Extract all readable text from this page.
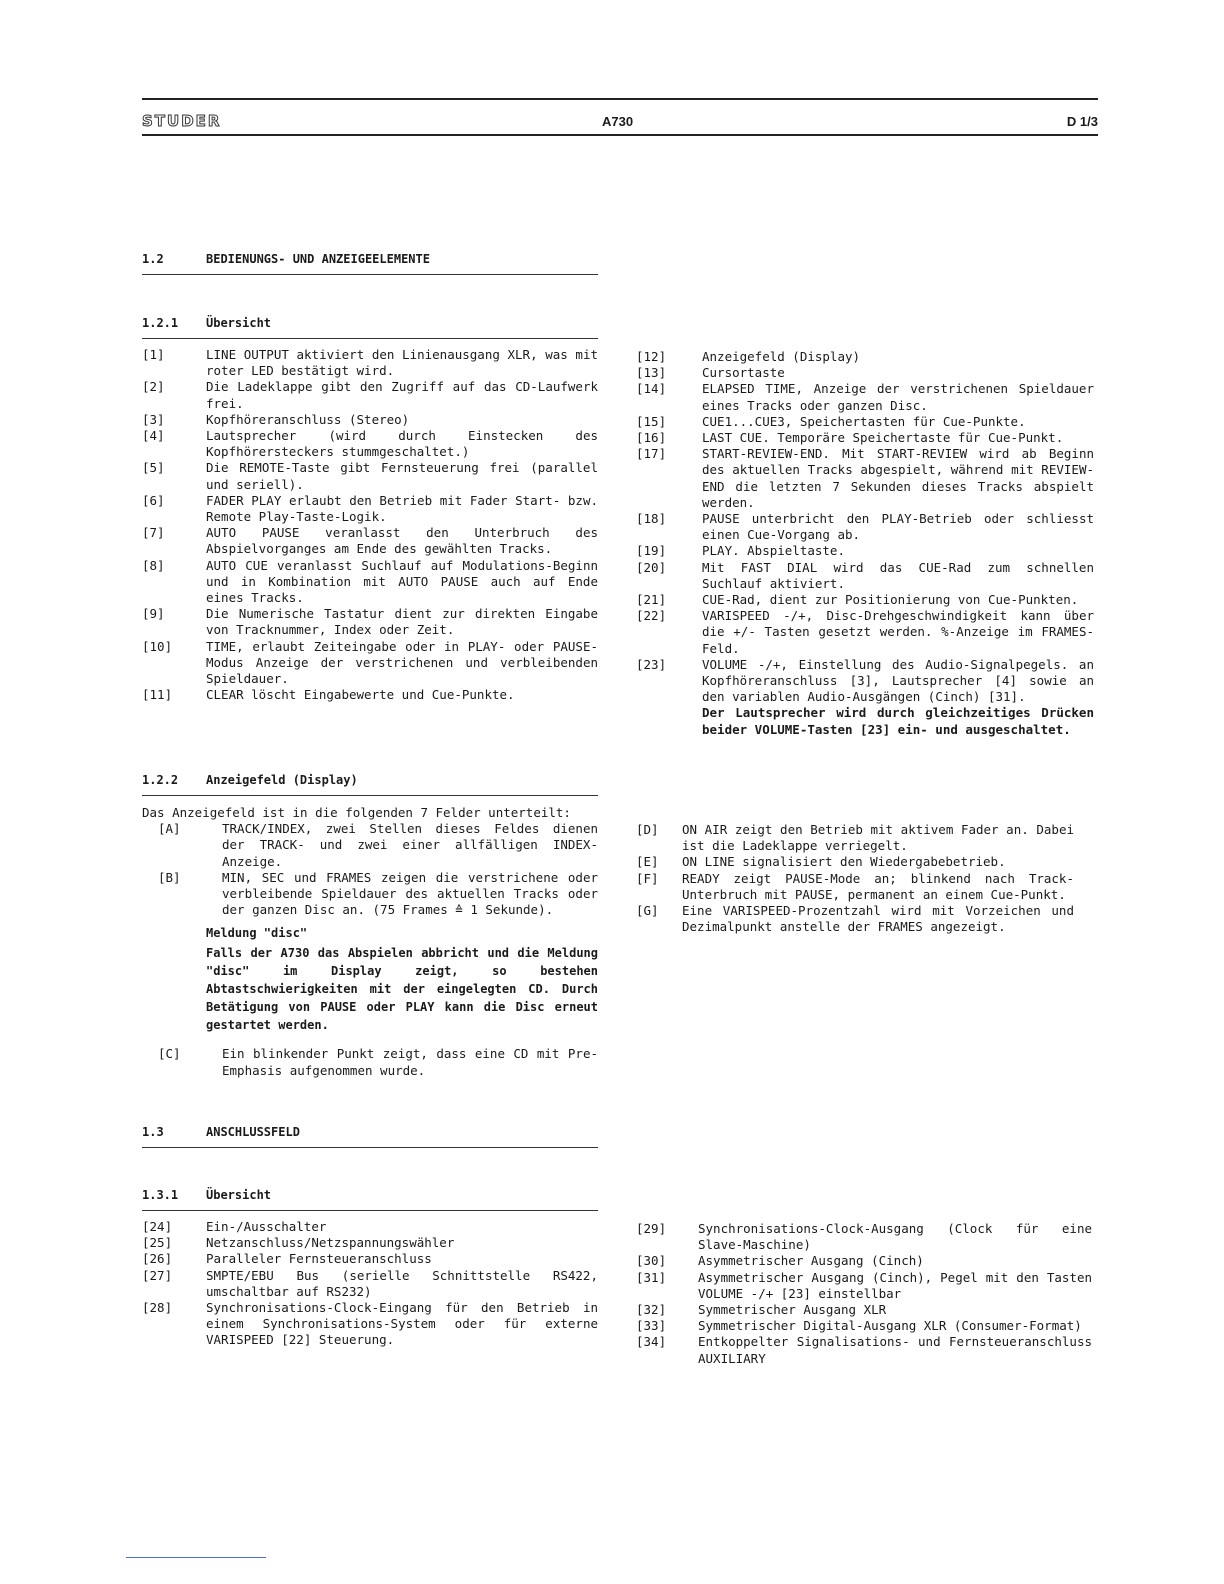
STUDER	A730	D 1/3
1.2	BEDIENUNGS- UND ANZEIGEELEMENTE
1.2.1 Übersicht
[1]	LINE OUTPUT aktiviert den Linienausgang XLR, was mit roter LED bestätigt wird.
[2]	Die Ladeklappe gibt den Zugriff auf das CD-Laufwerk frei.
[3]	Kopfhöreranschluss (Stereo)
[4]	Lautsprecher (wird durch Einstecken des Kopfhörersteckers stummgeschaltet.)
[5]	Die REMOTE-Taste gibt Fernsteuerung frei (parallel und seriell).
[6]	FADER PLAY erlaubt den Betrieb mit Fader Start- bzw. Remote Play-Taste-Logik.
[7]	AUTO PAUSE veranlasst den Unterbruch des Abspielvorganges am Ende des gewählten Tracks.
[8]	AUTO CUE veranlasst Suchlauf auf Modulations-Beginn und in Kombination mit AUTO PAUSE auch auf Ende eines Tracks.
[9]	Die Numerische Tastatur dient zur direkten Eingabe von Tracknummer, Index oder Zeit.
[10]	TIME, erlaubt Zeiteingabe oder in PLAY- oder PAUSE-Modus Anzeige der verstrichenen und verbleibenden Spieldauer.
[11]	CLEAR löscht Eingabewerte und Cue-Punkte.
[12]	Anzeigefeld (Display)
[13]	Cursortaste
[14]	ELAPSED TIME, Anzeige der verstrichenen Spieldauer eines Tracks oder ganzen Disc.
[15]	CUE1...CUE3, Speichertasten für Cue-Punkte.
[16]	LAST CUE. Temporäre Speichertaste für Cue-Punkt.
[17]	START-REVIEW-END. Mit START-REVIEW wird ab Beginn des aktuellen Tracks abgespielt, während mit REVIEW-END die letzten 7 Sekunden dieses Tracks abspielt werden.
[18]	PAUSE unterbricht den PLAY-Betrieb oder schliesst einen Cue-Vorgang ab.
[19]	PLAY. Abspieltaste.
[20]	Mit FAST DIAL wird das CUE-Rad zum schnellen Suchlauf aktiviert.
[21]	CUE-Rad, dient zur Positionierung von Cue-Punkten.
[22]	VARISPEED -/+, Disc-Drehgeschwindigkeit kann über die +/- Tasten gesetzt werden. %-Anzeige im FRAMES-Feld.
[23]	VOLUME -/+, Einstellung des Audio-Signalpegels. an Kopfhöreranschluss [3], Lautsprecher [4] sowie an den variablen Audio-Ausgängen (Cinch) [31].
Der Lautsprecher wird durch gleichzeitiges Drücken beider VOLUME-Tasten [23] ein- und ausgeschaltet.
1.2.2 Anzeigefeld (Display)
Das Anzeigefeld ist in die folgenden 7 Felder unterteilt:
[A]	TRACK/INDEX, zwei Stellen dieses Feldes dienen der TRACK- und zwei einer allfälligen INDEX-Anzeige.
[B]	MIN, SEC und FRAMES zeigen die verstrichene oder verbleibende Spieldauer des aktuellen Tracks oder der ganzen Disc an. (75 Frames ≙ 1 Sekunde).
Meldung "disc"
Falls der A730 das Abspielen abbricht und die Meldung "disc" im Display zeigt, so bestehen Abtastschwierigkeiten mit der eingelegten CD. Durch Betätigung von PAUSE oder PLAY kann die Disc erneut gestartet werden.
[C]	Ein blinkender Punkt zeigt, dass eine CD mit Pre-Emphasis aufgenommen wurde.
[D]	ON AIR zeigt den Betrieb mit aktivem Fader an. Dabei ist die Ladeklappe verriegelt.
[E]	ON LINE signalisiert den Wiedergabebetrieb.
[F]	READY zeigt PAUSE-Mode an; blinkend nach Track-Unterbruch mit PAUSE, permanent an einem Cue-Punkt.
[G]	Eine VARISPEED-Prozentzahl wird mit Vorzeichen und Dezimalpunkt anstelle der FRAMES angezeigt.
1.3	ANSCHLUSSFELD
1.3.1 Übersicht
[24]	Ein-/Ausschalter
[25]	Netzanschluss/Netzspannungswähler
[26]	Paralleler Fernsteueranschluss
[27]	SMPTE/EBU Bus (serielle Schnittstelle RS422, umschaltbar auf RS232)
[28]	Synchronisations-Clock-Eingang für den Betrieb in einem Synchronisations-System oder für externe VARISPEED [22] Steuerung.
[29]	Synchronisations-Clock-Ausgang (Clock für eine Slave-Maschine)
[30]	Asymmetrischer Ausgang (Cinch)
[31]	Asymmetrischer Ausgang (Cinch), Pegel mit den Tasten VOLUME -/+ [23] einstellbar
[32]	Symmetrischer Ausgang XLR
[33]	Symmetrischer Digital-Ausgang XLR (Consumer-Format)
[34]	Entkoppelter Signalisations- und Fernsteueranschluss AUXILIARY
